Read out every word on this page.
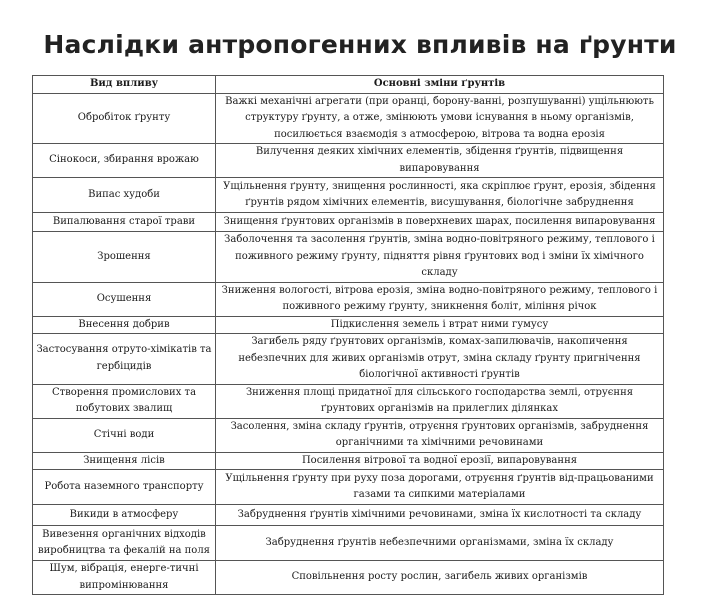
Наслідки антропогенних впливів на ґрунти
Вид впливу	Основні зміни ґрунтів
Обробіток ґрунту	Важкі механічні агрегати (при оранці, борону-ванні, розпушуванні) ущільнюють структуру ґрунту, а отже, змінюють умови існування в ньому організмів, посилюється взаємодія з атмосферою, вітрова та водна ерозія
Сінокоси, збирання врожаю	Вилучення деяких хімічних елементів, збідення ґрунтів, підвищення випаровування
Випас худоби	Ущільнення ґрунту, знищення рослинності, яка скріплює ґрунт, ерозія, збідення ґрунтів рядом хімічних елементів, висушування, біологічне забруднення
Випалювання старої трави	Знищення ґрунтових організмів в поверхневих шарах, посилення випаровування
Зрошення	Заболочення та засолення ґрунтів, зміна водно-повітряного режиму, теплового і поживного режиму ґрунту, підняття рівня ґрунтових вод і зміни їх хімічного складу
Осушення	Зниження вологості, вітрова ерозія, зміна водно-повітряного режиму, теплового і поживного режиму ґрунту, зникнення боліт, міління річок
Внесення добрив	Підкислення земель і втрат ними гумусу
Застосування отруто-хімікатів та гербіцидів	Загибель ряду ґрунтових організмів, комах-запилювачів, накопичення небезпечних для живих організмів отрут, зміна складу ґрунту пригнічення біологічної активності ґрунтів
Створення промислових та побутових звалищ	Зниження площі придатної для сільського господарства землі, отруєння ґрунтових організмів на прилеглих ділянках
Стічні води	Засолення, зміна складу ґрунтів, отруєння ґрунтових організмів, забруднення органічними та хімічними речовинами
Знищення лісів	Посилення вітрової та водної ерозії, випаровування
Робота наземного транспорту	Ущільнення ґрунту при руху поза дорогами, отруєння ґрунтів від-працьованими газами та сипкими матеріалами
Викиди в атмосферу	Забруднення ґрунтів хімічними речовинами, зміна їх кислотності та складу
Вивезення органічних відходів виробництва та фекалій на поля	Забруднення ґрунтів небезпечними організмами, зміна їх складу
Шум, вібрація, енерге-тичні випромінювання	Сповільнення росту рослин, загибель живих організмів
